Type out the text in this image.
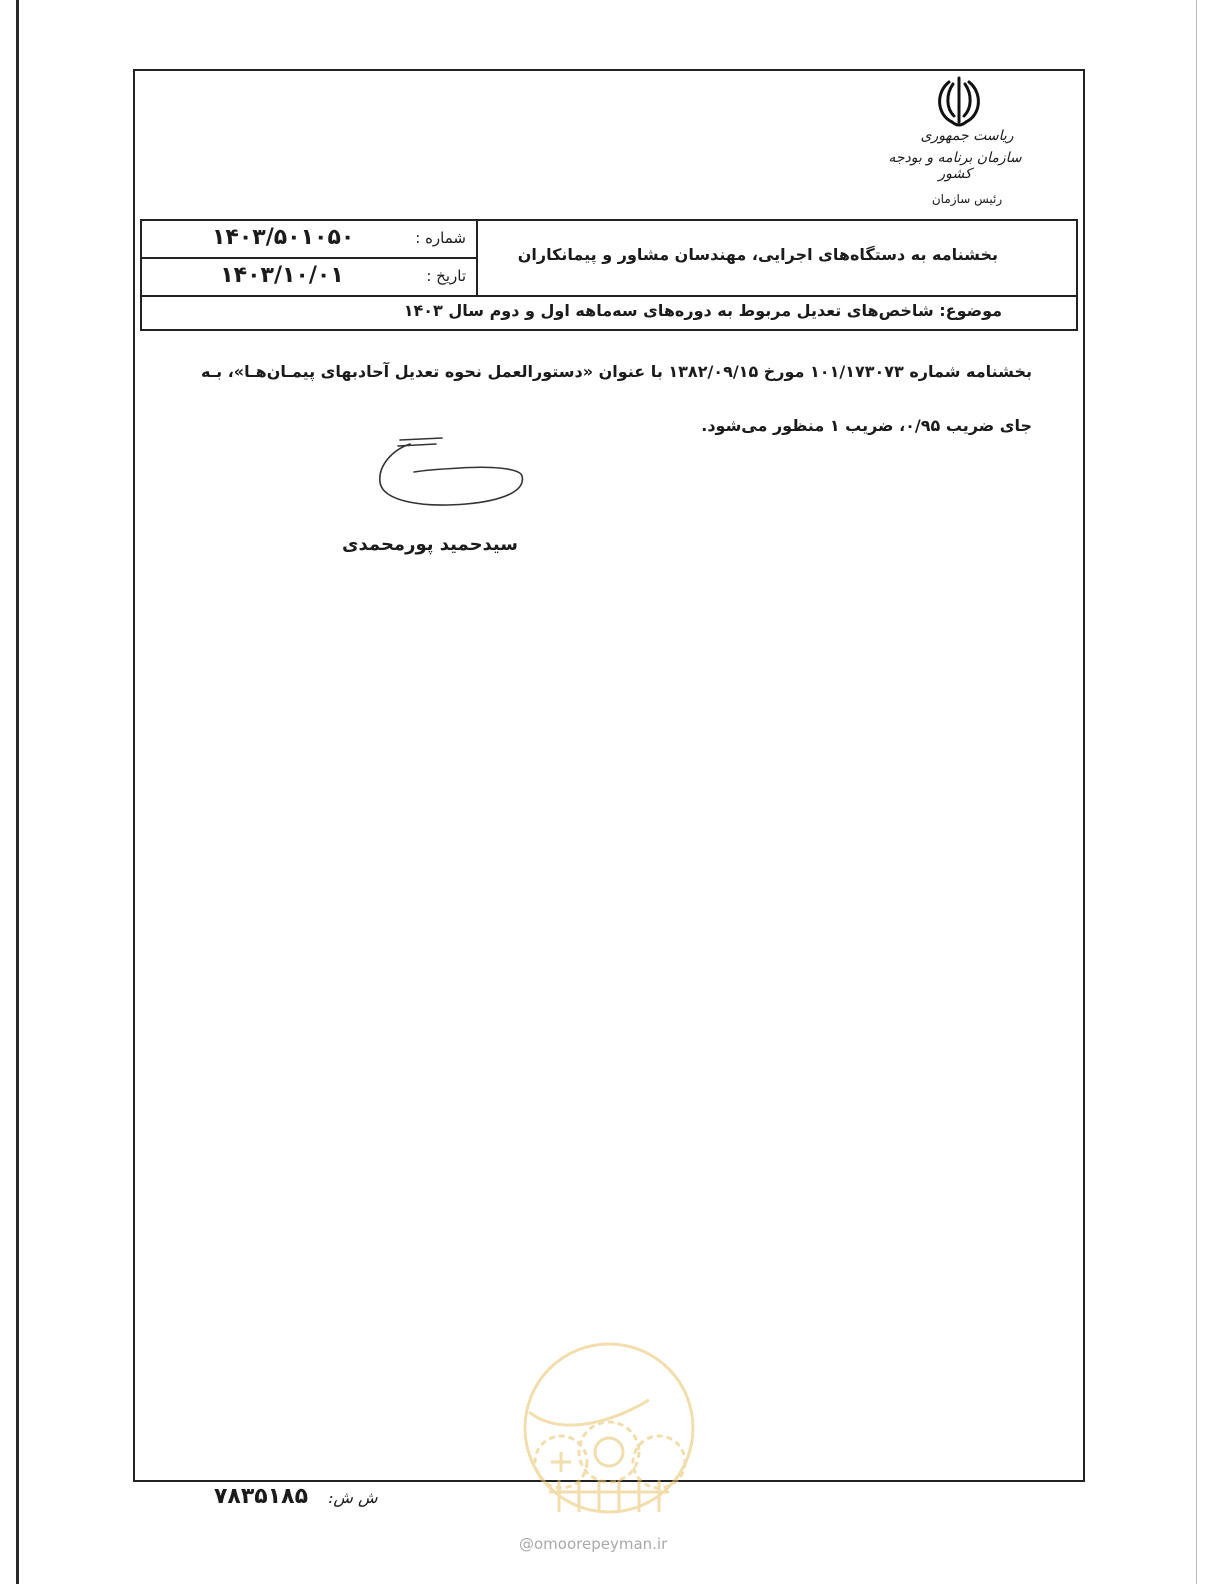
ریاست جمهوری
سازمان برنامه و بودجه کشور
رئیس سازمان
شماره :
۱۴۰۳/۵۰۱۰۵۰
تاریخ :
۱۴۰۳/۱۰/۰۱
بخشنامه به دستگاه‌های اجرایی، مهندسان مشاور و پیمانکاران
موضوع: شاخص‌های تعدیل مربوط به دوره‌های سه‌ماهه اول و دوم سال ۱۴۰۳

بخشنامه شماره ۱۰۱/۱۷۳۰۷۳ مورخ ۱۳۸۲/۰۹/۱۵ با عنوان «دستورالعمل نحوه تعدیل آحادبهای پیمـان‌هـا»، بـه

جای ضریب ۰/۹۵، ضریب ۱ منظور می‌شود.

سیدحمید پورمحمدی
ش ش:
۷۸۳۵۱۸۵
@omoorepeyman.ir
